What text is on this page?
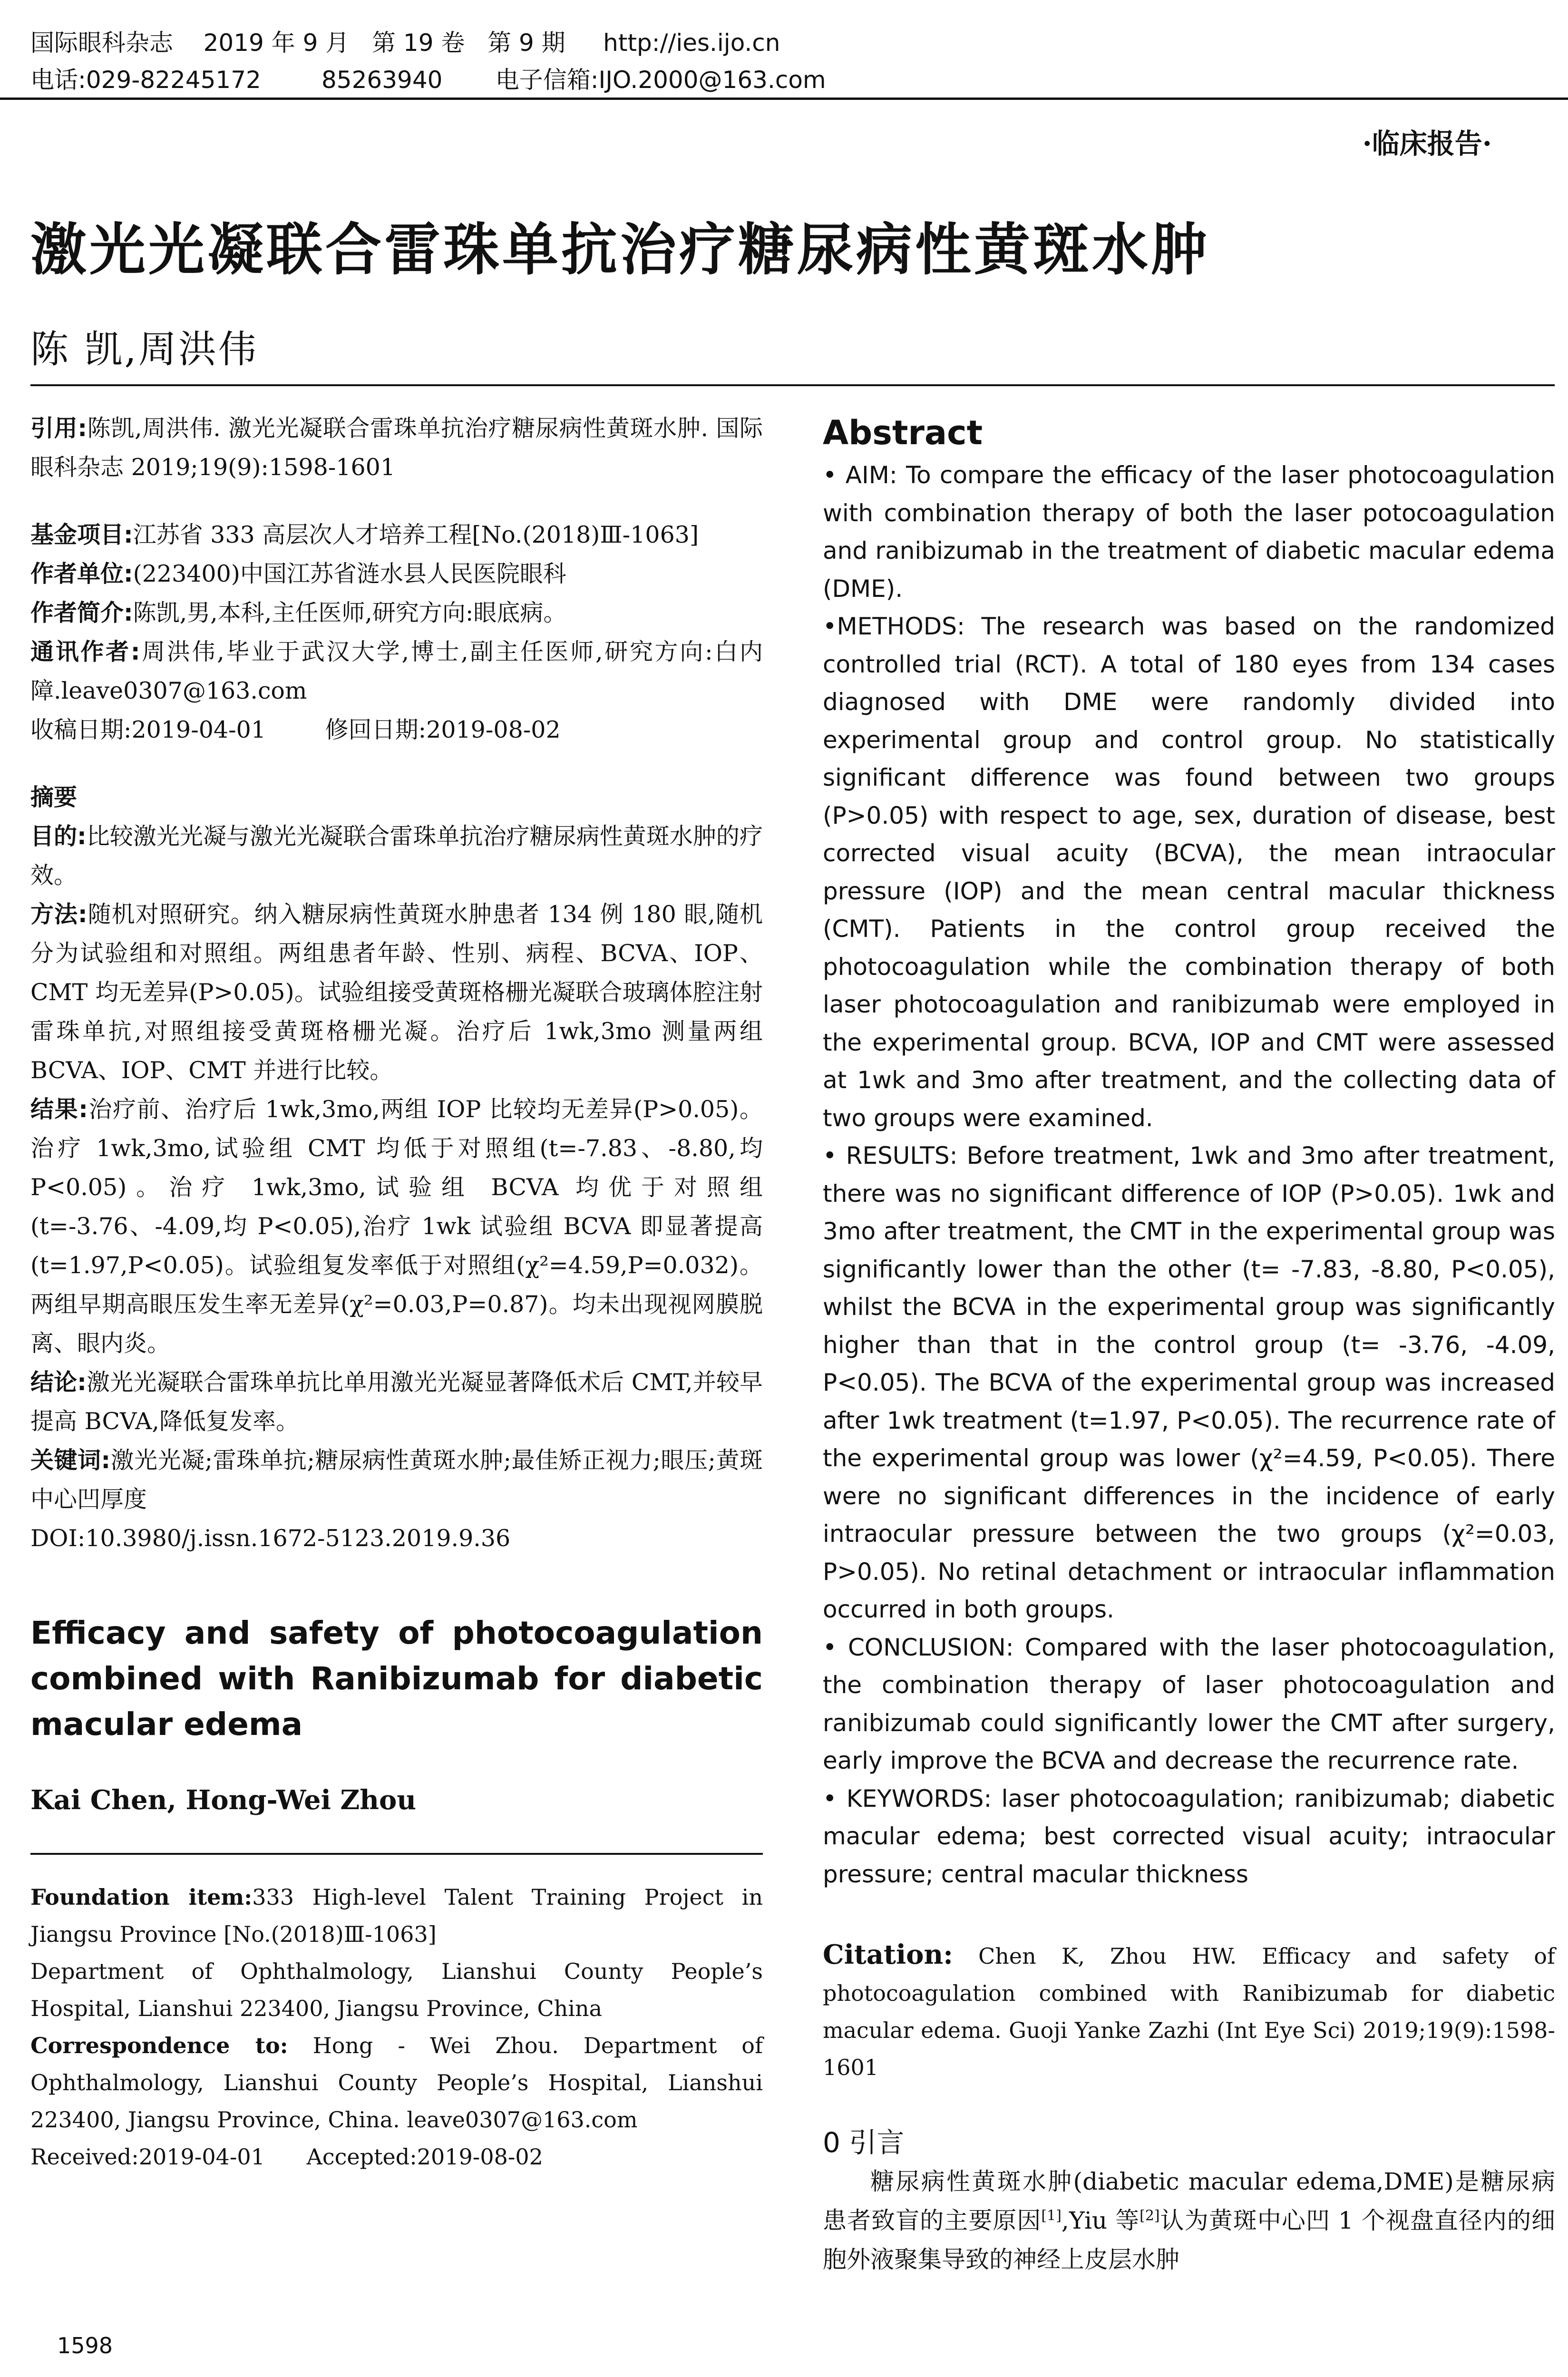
国际眼科杂志    2019 年 9 月   第 19 卷   第 9 期     http://ies.ijo.cn
电话:029-82245172        85263940       电子信箱:IJO.2000@163.com
·临床报告·
激光光凝联合雷珠单抗治疗糖尿病性黄斑水肿
陈 凯,周洪伟

引用:陈凯,周洪伟. 激光光凝联合雷珠单抗治疗糖尿病性黄斑水肿. 国际眼科杂志 2019;19(9):1598-1601

基金项目:江苏省 333 高层次人才培养工程[No.(2018)Ⅲ-1063]

作者单位:(223400)中国江苏省涟水县人民医院眼科

作者简介:陈凯,男,本科,主任医师,研究方向:眼底病。

通讯作者:周洪伟,毕业于武汉大学,博士,副主任医师,研究方向:白内障.leave0307@163.com

收稿日期:2019-04-01        修回日期:2019-08-02

摘要

目的:比较激光光凝与激光光凝联合雷珠单抗治疗糖尿病性黄斑水肿的疗效。

方法:随机对照研究。纳入糖尿病性黄斑水肿患者 134 例 180 眼,随机分为试验组和对照组。两组患者年龄、性别、病程、BCVA、IOP、CMT 均无差异(P>0.05)。试验组接受黄斑格栅光凝联合玻璃体腔注射雷珠单抗,对照组接受黄斑格栅光凝。治疗后 1wk,3mo 测量两组 BCVA、IOP、CMT 并进行比较。

结果:治疗前、治疗后 1wk,3mo,两组 IOP 比较均无差异(P>0.05)。治疗 1wk,3mo,试验组 CMT 均低于对照组(t=-7.83、-8.80,均 P<0.05)。治疗 1wk,3mo,试验组 BCVA 均优于对照组(t=-3.76、-4.09,均 P<0.05),治疗 1wk 试验组 BCVA 即显著提高(t=1.97,P<0.05)。试验组复发率低于对照组(χ²=4.59,P=0.032)。两组早期高眼压发生率无差异(χ²=0.03,P=0.87)。均未出现视网膜脱离、眼内炎。

结论:激光光凝联合雷珠单抗比单用激光光凝显著降低术后 CMT,并较早提高 BCVA,降低复发率。

关键词:激光光凝;雷珠单抗;糖尿病性黄斑水肿;最佳矫正视力;眼压;黄斑中心凹厚度

DOI:10.3980/j.issn.1672-5123.2019.9.36

Efficacy and safety of photocoagulation combined with Ranibizumab for diabetic macular edema

Kai Chen, Hong-Wei Zhou

Foundation item:333 High-level Talent Training Project in Jiangsu Province [No.(2018)Ⅲ-1063]

Department of Ophthalmology, Lianshui County People’s Hospital, Lianshui 223400, Jiangsu Province, China

Correspondence to: Hong - Wei Zhou. Department of Ophthalmology, Lianshui County People’s Hospital, Lianshui 223400, Jiangsu Province, China. leave0307@163.com

Received:2019-04-01      Accepted:2019-08-02

Abstract

• AIM: To compare the efficacy of the laser photocoagulation with combination therapy of both the laser potocoagulation and ranibizumab in the treatment of diabetic macular edema (DME).

•METHODS: The research was based on the randomized controlled trial (RCT). A total of 180 eyes from 134 cases diagnosed with DME were randomly divided into experimental group and control group. No statistically significant difference was found between two groups (P>0.05) with respect to age, sex, duration of disease, best corrected visual acuity (BCVA), the mean intraocular pressure (IOP) and the mean central macular thickness (CMT). Patients in the control group received the photocoagulation while the combination therapy of both laser photocoagulation and ranibizumab were employed in the experimental group. BCVA, IOP and CMT were assessed at 1wk and 3mo after treatment, and the collecting data of two groups were examined.

• RESULTS: Before treatment, 1wk and 3mo after treatment, there was no significant difference of IOP (P>0.05). 1wk and 3mo after treatment, the CMT in the experimental group was significantly lower than the other (t= -7.83, -8.80, P<0.05), whilst the BCVA in the experimental group was significantly higher than that in the control group (t= -3.76, -4.09, P<0.05). The BCVA of the experimental group was increased after 1wk treatment (t=1.97, P<0.05). The recurrence rate of the experimental group was lower (χ²=4.59, P<0.05). There were no significant differences in the incidence of early intraocular pressure between the two groups (χ²=0.03, P>0.05). No retinal detachment or intraocular inflammation occurred in both groups.

• CONCLUSION: Compared with the laser photocoagulation, the combination therapy of laser photocoagulation and ranibizumab could significantly lower the CMT after surgery, early improve the BCVA and decrease the recurrence rate.

• KEYWORDS: laser photocoagulation; ranibizumab; diabetic macular edema; best corrected visual acuity; intraocular pressure; central macular thickness

Citation: Chen K, Zhou HW. Efficacy and safety of photocoagulation combined with Ranibizumab for diabetic macular edema. Guoji Yanke Zazhi (Int Eye Sci) 2019;19(9):1598-1601

0 引言

糖尿病性黄斑水肿(diabetic macular edema,DME)是糖尿病患者致盲的主要原因[1],Yiu 等[2]认为黄斑中心凹 1 个视盘直径内的细胞外液聚集导致的神经上皮层水肿

1598
